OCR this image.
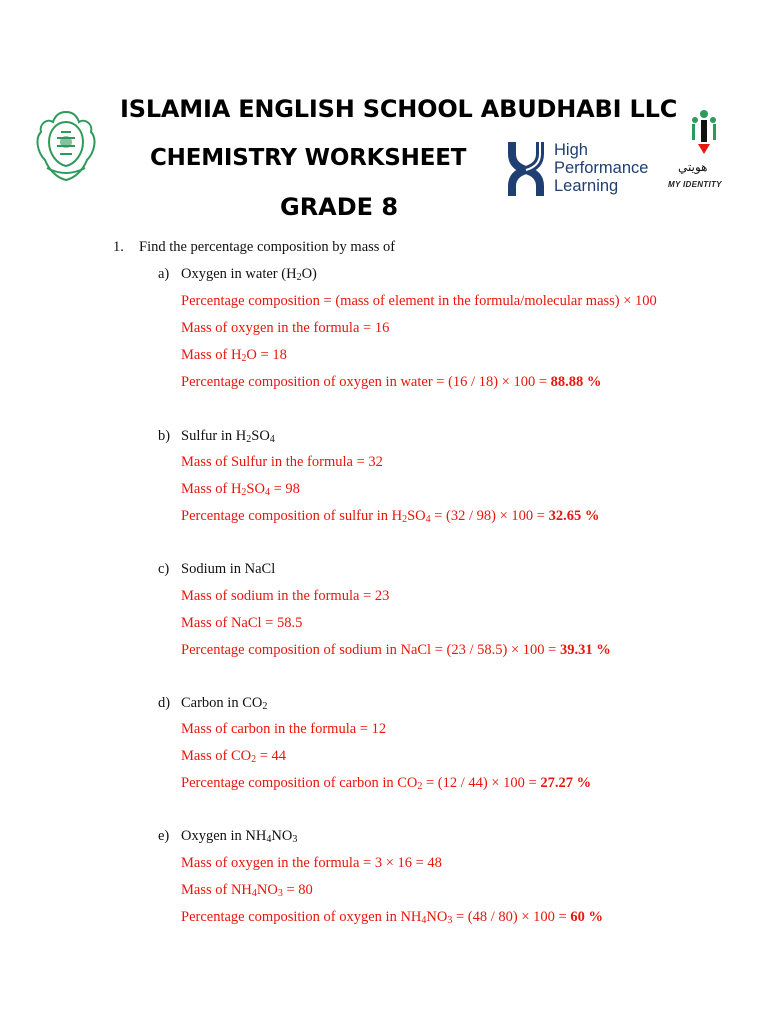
ISLAMIA ENGLISH SCHOOL ABUDHABI LLC
CHEMISTRY WORKSHEET
GRADE 8
High
Performance
Learning
هويتي
MY IDENTITY
1. Find the percentage composition by mass of
a) Oxygen in water $(H_2O)$
Percentage composition = (mass of element in the formula/molecular mass) × 100
Mass of oxygen in the formula = 16
Mass of $H_2O = 18$
Percentage composition of oxygen in water = (16 / 18) × 100 = 88.88 %
b) Sulfur in $H_2SO_4$
Mass of Sulfur in the formula = 32
Mass of $H_2SO_4 = 98$
Percentage composition of sulfur in $H_2SO_4 = (32 / 98) \times 100 = 32.65$ %
c) Sodium in NaCl
Mass of sodium in the formula = 23
Mass of NaCl = 58.5
Percentage composition of sodium in NaCl = (23 / 58.5) × 100 = 39.31 %
d) Carbon in $CO_2$
Mass of carbon in the formula = 12
Mass of $CO_2 = 44$
Percentage composition of carbon in $CO_2 = (12 / 44) \times 100 = 27.27$ %
e) Oxygen in $NH_4NO_3$
Mass of oxygen in the formula = 3 × 16 = 48
Mass of $NH_4NO_3 = 80$
Percentage composition of oxygen in $NH_4NO_3 = (48 / 80) \times 100 = 60$ %
